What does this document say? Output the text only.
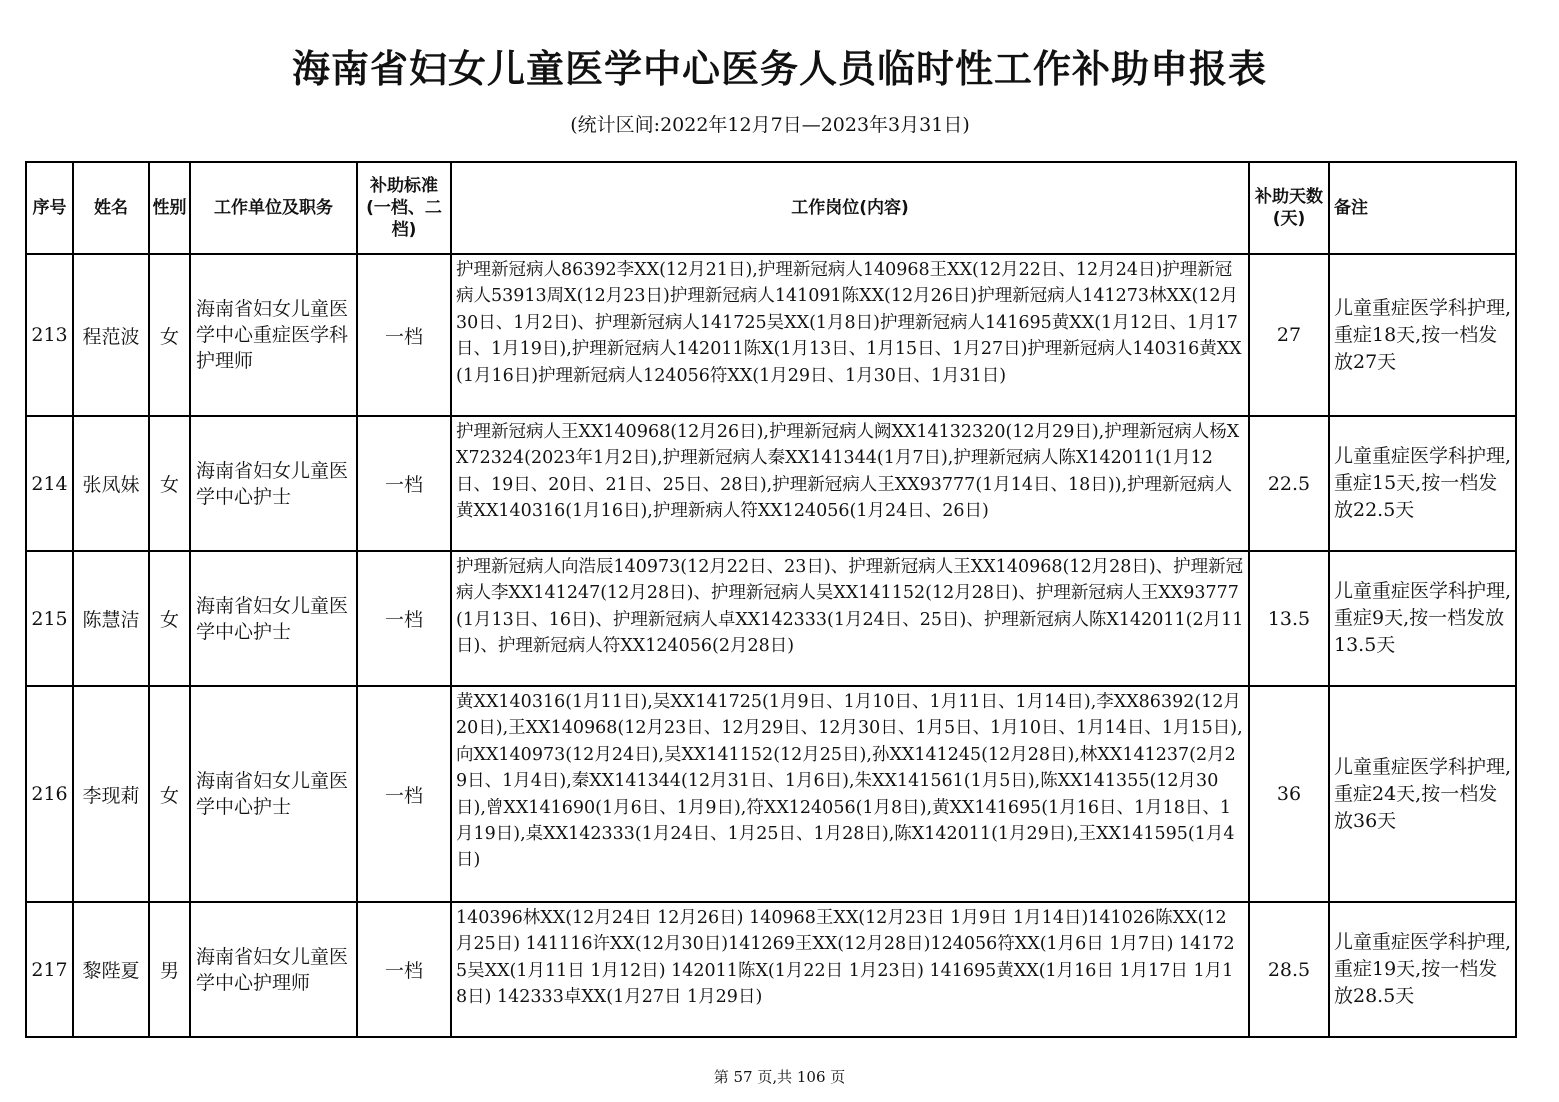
海南省妇女儿童医学中心医务人员临时性工作补助申报表
(统计区间:2022年12月7日—2023年3月31日)
序号	姓名	性别	工作单位及职务	补助标准(一档、二档)	工作岗位(内容)	补助天数(天)	备注
213	程范波	女	海南省妇女儿童医学中心重症医学科护理师	一档	护理新冠病人86392李XX(12月21日),护理新冠病人140968王XX(12月22日、12月24日)护理新冠病人53913周X(12月23日)护理新冠病人141091陈XX(12月26日)护理新冠病人141273林XX(12月30日、1月2日)、护理新冠病人141725吴XX(1月8日)护理新冠病人141695黄XX(1月12日、1月17日、1月19日),护理新冠病人142011陈X(1月13日、1月15日、1月27日)护理新冠病人140316黄XX(1月16日)护理新冠病人124056符XX(1月29日、1月30日、1月31日)	27	儿童重症医学科护理,重症18天,按一档发放27天
214	张凤妹	女	海南省妇女儿童医学中心护士	一档	护理新冠病人王XX140968(12月26日),护理新冠病人阙XX14132320(12月29日),护理新冠病人杨XX72324(2023年1月2日),护理新冠病人秦XX141344(1月7日),护理新冠病人陈X142011(1月12日、19日、20日、21日、25日、28日),护理新冠病人王XX93777(1月14日、18日)),护理新冠病人黄XX140316(1月16日),护理新病人符XX124056(1月24日、26日)	22.5	儿童重症医学科护理,重症15天,按一档发放22.5天
215	陈慧洁	女	海南省妇女儿童医学中心护士	一档	护理新冠病人向浩辰140973(12月22日、23日)、护理新冠病人王XX140968(12月28日)、护理新冠病人李XX141247(12月28日)、护理新冠病人吴XX141152(12月28日)、护理新冠病人王XX93777(1月13日、16日)、护理新冠病人卓XX142333(1月24日、25日)、护理新冠病人陈X142011(2月11日)、护理新冠病人符XX124056(2月28日)	13.5	儿童重症医学科护理,重症9天,按一档发放13.5天
216	李现莉	女	海南省妇女儿童医学中心护士	一档	黄XX140316(1月11日),吴XX141725(1月9日、1月10日、1月11日、1月14日),李XX86392(12月20日),王XX140968(12月23日、12月29日、12月30日、1月5日、1月10日、1月14日、1月15日),向XX140973(12月24日),吴XX141152(12月25日),孙XX141245(12月28日),林XX141237(2月29日、1月4日),秦XX141344(12月31日、1月6日),朱XX141561(1月5日),陈XX141355(12月30日),曾XX141690(1月6日、1月9日),符XX124056(1月8日),黄XX141695(1月16日、1月18日、1月19日),桌XX142333(1月24日、1月25日、1月28日),陈X142011(1月29日),王XX141595(1月4日)	36	儿童重症医学科护理,重症24天,按一档发放36天
217	黎陛夏	男	海南省妇女儿童医学中心护理师	一档	140396林XX(12月24日 12月26日) 140968王XX(12月23日 1月9日 1月14日)141026陈XX(12月25日) 141116许XX(12月30日)141269王XX(12月28日)124056符XX(1月6日 1月7日) 141725吴XX(1月11日 1月12日) 142011陈X(1月22日 1月23日) 141695黄XX(1月16日 1月17日 1月18日) 142333卓XX(1月27日 1月29日)	28.5	儿童重症医学科护理,重症19天,按一档发放28.5天
第 57 页,共 106 页
